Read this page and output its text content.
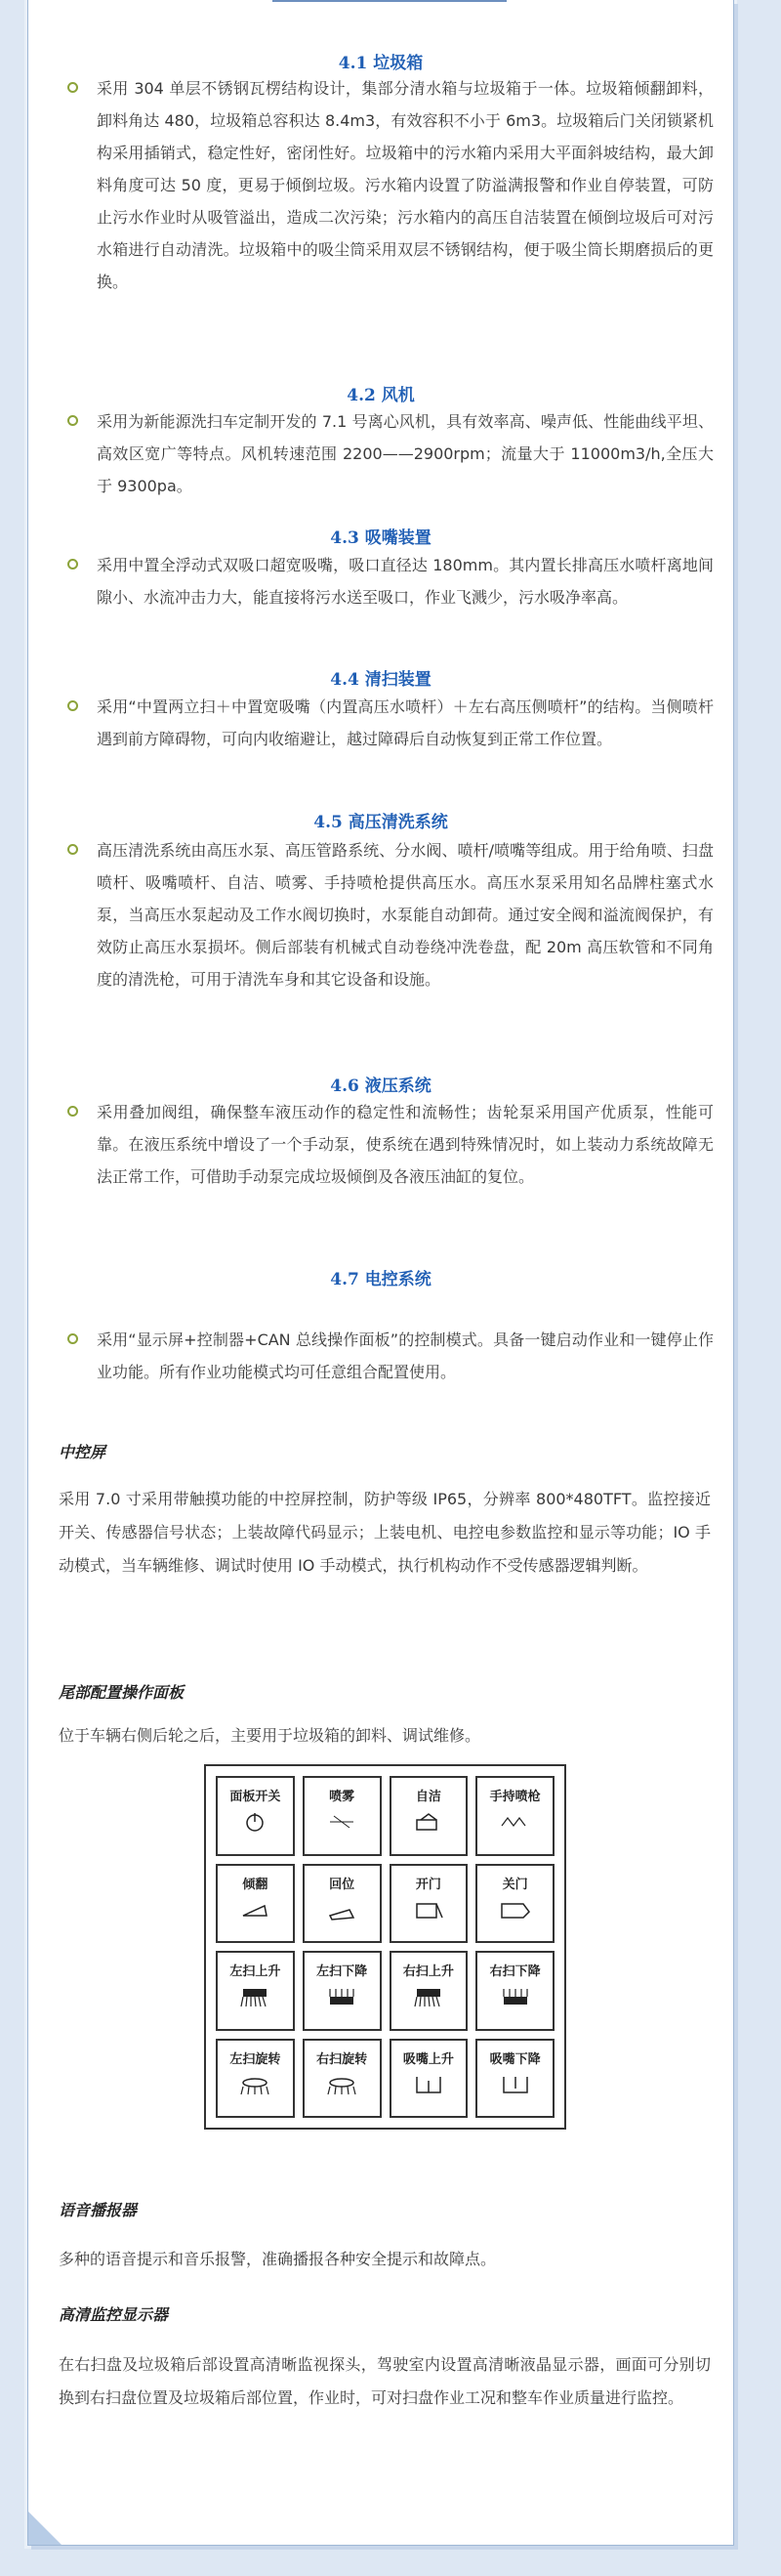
4.1 垃圾箱

采用 304 单层不锈钢瓦楞结构设计，集部分清水箱与垃圾箱于一体。垃圾箱倾翻卸料，卸料角达 480，垃圾箱总容积达 8.4m3，有效容积不小于 6m3。垃圾箱后门关闭锁紧机构采用插销式，稳定性好，密闭性好。垃圾箱中的污水箱内采用大平面斜坡结构，最大卸料角度可达 50 度，更易于倾倒垃圾。污水箱内设置了防溢满报警和作业自停装置，可防止污水作业时从吸管溢出，造成二次污染；污水箱内的高压自洁装置在倾倒垃圾后可对污水箱进行自动清洗。垃圾箱中的吸尘筒采用双层不锈钢结构，便于吸尘筒长期磨损后的更换。

4.2 风机

采用为新能源洗扫车定制开发的 7.1 号离心风机，具有效率高、噪声低、性能曲线平坦、高效区宽广等特点。风机转速范围 2200——2900rpm；流量大于 11000m3/h,全压大于 9300pa。

4.3 吸嘴装置

采用中置全浮动式双吸口超宽吸嘴，吸口直径达 180mm。其内置长排高压水喷杆离地间隙小、水流冲击力大，能直接将污水送至吸口，作业飞溅少，污水吸净率高。

4.4 清扫装置

采用“中置两立扫＋中置宽吸嘴（内置高压水喷杆）＋左右高压侧喷杆”的结构。当侧喷杆遇到前方障碍物，可向内收缩避让，越过障碍后自动恢复到正常工作位置。

4.5 高压清洗系统

高压清洗系统由高压水泵、高压管路系统、分水阀、喷杆/喷嘴等组成。用于给角喷、扫盘喷杆、吸嘴喷杆、自洁、喷雾、手持喷枪提供高压水。高压水泵采用知名品牌柱塞式水泵，当高压水泵起动及工作水阀切换时，水泵能自动卸荷。通过安全阀和溢流阀保护，有效防止高压水泵损坏。侧后部装有机械式自动卷绕冲洗卷盘，配 20m 高压软管和不同角度的清洗枪，可用于清洗车身和其它设备和设施。

4.6 液压系统

采用叠加阀组，确保整车液压动作的稳定性和流畅性；齿轮泵采用国产优质泵，性能可靠。在液压系统中增设了一个手动泵，使系统在遇到特殊情况时，如上装动力系统故障无法正常工作，可借助手动泵完成垃圾倾倒及各液压油缸的复位。

4.7 电控系统

采用“显示屏+控制器+CAN 总线操作面板”的控制模式。具备一键启动作业和一键停止作业功能。所有作业功能模式均可任意组合配置使用。

中控屏

采用 7.0 寸采用带触摸功能的中控屏控制，防护等级 IP65，分辨率 800*480TFT。监控接近开关、传感器信号状态；上装故障代码显示；上装电机、电控电参数监控和显示等功能；IO 手动模式，当车辆维修、调试时使用 IO 手动模式，执行机构动作不受传感器逻辑判断。

尾部配置操作面板

位于车辆右侧后轮之后，主要用于垃圾箱的卸料、调试维修。

面板开关	喷雾	自洁	手持喷枪
倾翻	回位	开门	关门
左扫上升	左扫下降	右扫上升	右扫下降
左扫旋转	右扫旋转	吸嘴上升	吸嘴下降
语音播报器

多种的语音提示和音乐报警，准确播报各种安全提示和故障点。

高清监控显示器

在右扫盘及垃圾箱后部设置高清晰监视探头，驾驶室内设置高清晰液晶显示器，画面可分别切换到右扫盘位置及垃圾箱后部位置，作业时，可对扫盘作业工况和整车作业质量进行监控。
